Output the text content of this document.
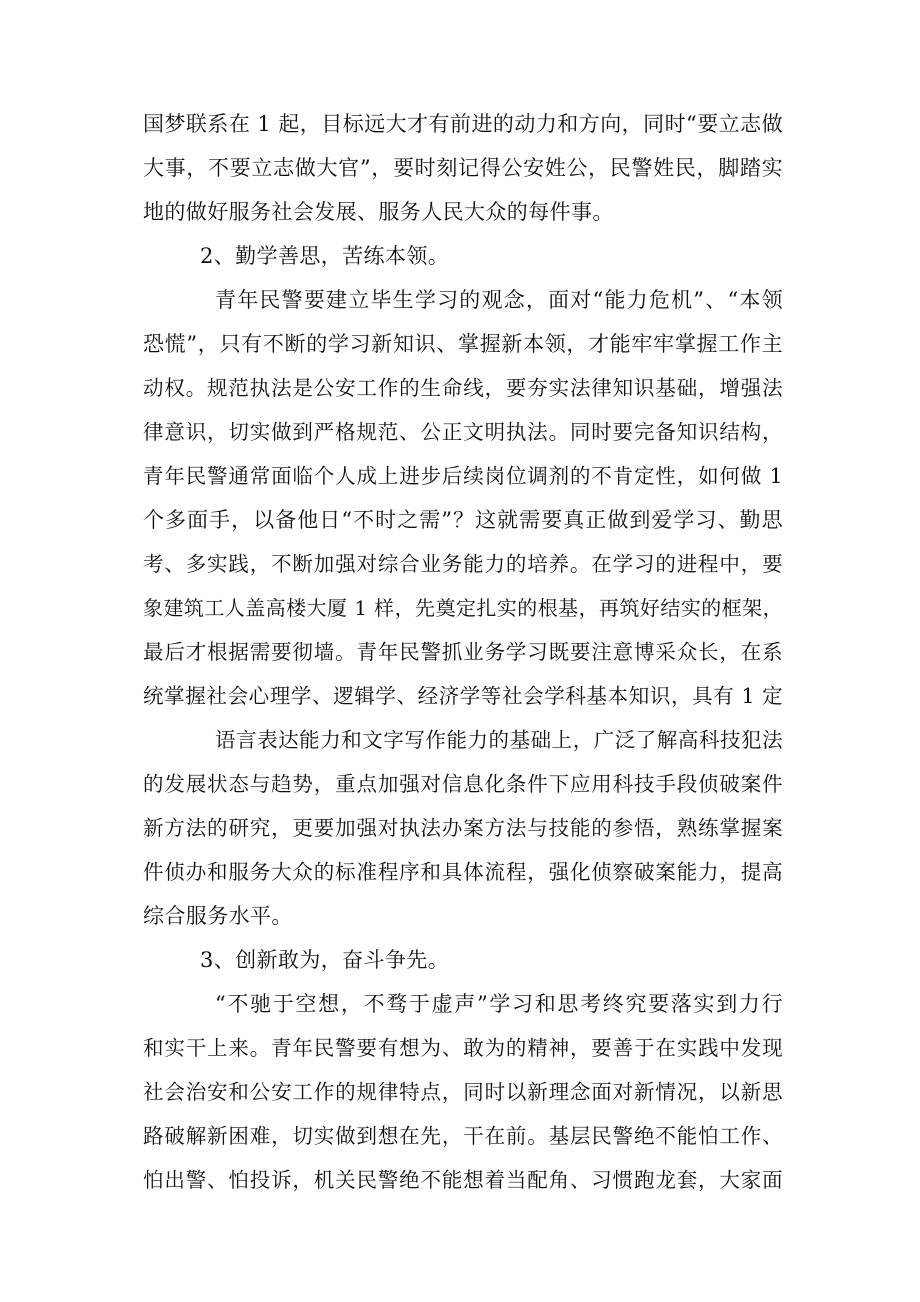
国梦联系在 1 起，目标远大才有前进的动力和方向，同时“要立志做
大事，不要立志做大官”，要时刻记得公安姓公，民警姓民，脚踏实
地的做好服务社会发展、服务人民大众的每件事。
2、勤学善思，苦练本领。
青年民警要建立毕生学习的观念，面对“能力危机”、“本领
恐慌”，只有不断的学习新知识、掌握新本领，才能牢牢掌握工作主
动权。规范执法是公安工作的生命线，要夯实法律知识基础，增强法
律意识，切实做到严格规范、公正文明执法。同时要完备知识结构，
青年民警通常面临个人成上进步后续岗位调剂的不肯定性，如何做 1
个多面手，以备他日“不时之需”？这就需要真正做到爱学习、勤思
考、多实践，不断加强对综合业务能力的培养。在学习的进程中，要
象建筑工人盖高楼大厦 1 样，先奠定扎实的根基，再筑好结实的框架，
最后才根据需要彻墙。青年民警抓业务学习既要注意博采众长，在系
统掌握社会心理学、逻辑学、经济学等社会学科基本知识，具有 1 定
语言表达能力和文字写作能力的基础上，广泛了解高科技犯法
的发展状态与趋势，重点加强对信息化条件下应用科技手段侦破案件
新方法的研究，更要加强对执法办案方法与技能的参悟，熟练掌握案
件侦办和服务大众的标准程序和具体流程，强化侦察破案能力，提高
综合服务水平。
3、创新敢为，奋斗争先。
“不驰于空想，不骛于虚声”学习和思考终究要落实到力行
和实干上来。青年民警要有想为、敢为的精神，要善于在实践中发现
社会治安和公安工作的规律特点，同时以新理念面对新情况，以新思
路破解新困难，切实做到想在先，干在前。基层民警绝不能怕工作、
怕出警、怕投诉，机关民警绝不能想着当配角、习惯跑龙套，大家面
